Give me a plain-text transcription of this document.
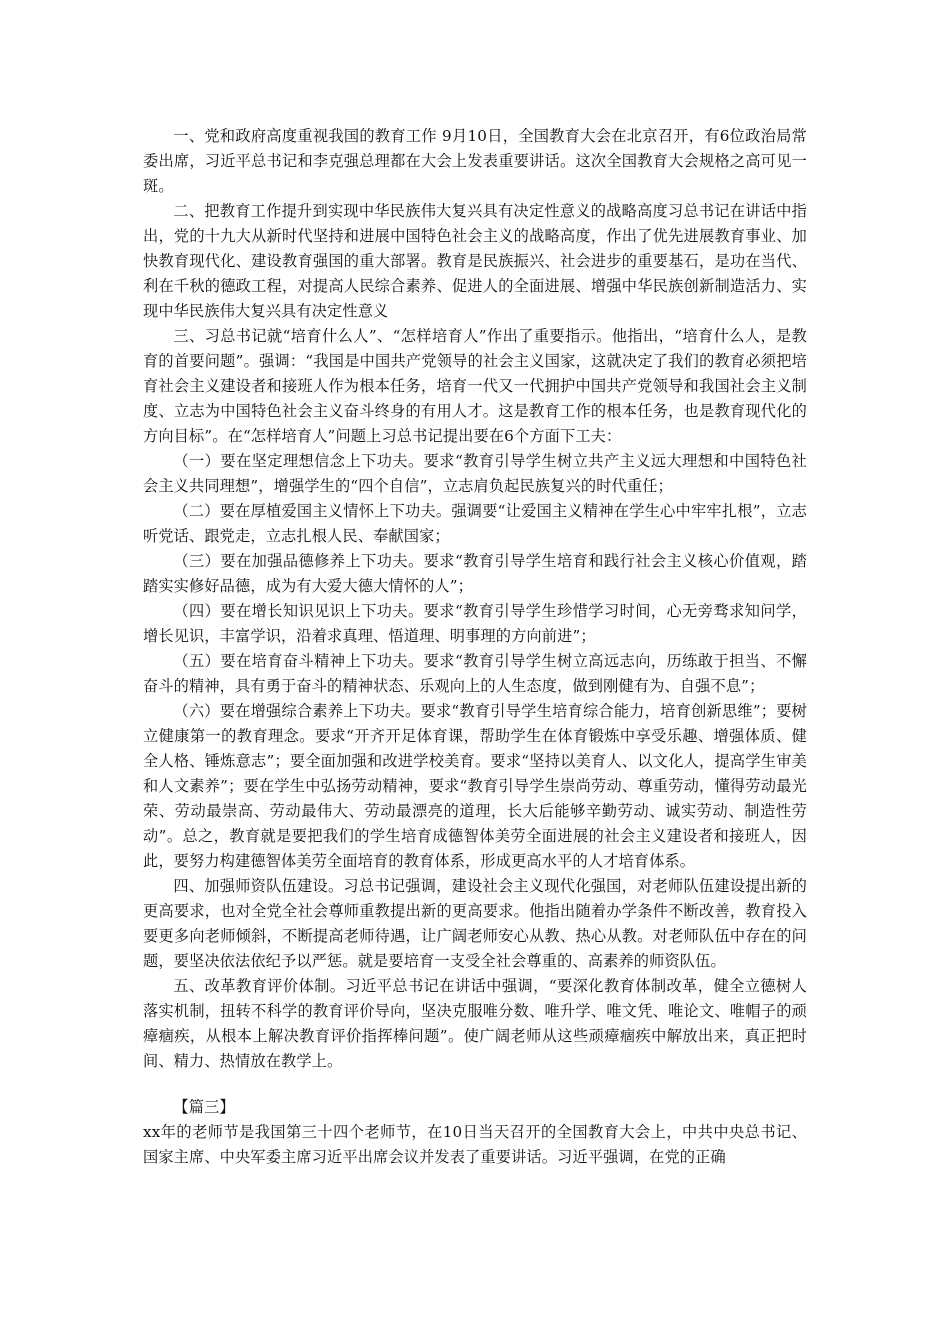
一、党和政府高度重视我国的教育工作 9月10日，全国教育大会在北京召开，有6位政治局常委出席，习近平总书记和李克强总理都在大会上发表重要讲话。这次全国教育大会规格之高可见一斑。

二、把教育工作提升到实现中华民族伟大复兴具有决定性意义的战略高度习总书记在讲话中指出，党的十九大从新时代坚持和进展中国特色社会主义的战略高度，作出了优先进展教育事业、加快教育现代化、建设教育强国的重大部署。教育是民族振兴、社会进步的重要基石，是功在当代、利在千秋的德政工程，对提高人民综合素养、促进人的全面进展、增强中华民族创新制造活力、实现中华民族伟大复兴具有决定性意义

三、习总书记就“培育什么人”、“怎样培育人”作出了重要指示。他指出，“培育什么人，是教育的首要问题”。强调：“我国是中国共产党领导的社会主义国家，这就决定了我们的教育必须把培育社会主义建设者和接班人作为根本任务，培育一代又一代拥护中国共产党领导和我国社会主义制度、立志为中国特色社会主义奋斗终身的有用人才。这是教育工作的根本任务，也是教育现代化的方向目标”。在“怎样培育人”问题上习总书记提出要在6个方面下工夫：

（一）要在坚定理想信念上下功夫。要求“教育引导学生树立共产主义远大理想和中国特色社会主义共同理想”，增强学生的“四个自信”，立志肩负起民族复兴的时代重任；

（二）要在厚植爱国主义情怀上下功夫。强调要“让爱国主义精神在学生心中牢牢扎根”，立志听党话、跟党走，立志扎根人民、奉献国家；

（三）要在加强品德修养上下功夫。要求“教育引导学生培育和践行社会主义核心价值观，踏踏实实修好品德，成为有大爱大德大情怀的人”；

（四）要在增长知识见识上下功夫。要求“教育引导学生珍惜学习时间，心无旁骛求知问学，增长见识，丰富学识，沿着求真理、悟道理、明事理的方向前进”；

（五）要在培育奋斗精神上下功夫。要求“教育引导学生树立高远志向，历练敢于担当、不懈奋斗的精神，具有勇于奋斗的精神状态、乐观向上的人生态度，做到刚健有为、自强不息”；

（六）要在增强综合素养上下功夫。要求“教育引导学生培育综合能力，培育创新思维”；要树立健康第一的教育理念。要求“开齐开足体育课，帮助学生在体育锻炼中享受乐趣、增强体质、健全人格、锤炼意志”；要全面加强和改进学校美育。要求“坚持以美育人、以文化人，提高学生审美和人文素养”；要在学生中弘扬劳动精神，要求“教育引导学生崇尚劳动、尊重劳动，懂得劳动最光荣、劳动最崇高、劳动最伟大、劳动最漂亮的道理，长大后能够辛勤劳动、诚实劳动、制造性劳动”。总之，教育就是要把我们的学生培育成德智体美劳全面进展的社会主义建设者和接班人，因此，要努力构建德智体美劳全面培育的教育体系，形成更高水平的人才培育体系。

四、加强师资队伍建设。习总书记强调，建设社会主义现代化强国，对老师队伍建设提出新的更高要求，也对全党全社会尊师重教提出新的更高要求。他指出随着办学条件不断改善，教育投入要更多向老师倾斜，不断提高老师待遇，让广阔老师安心从教、热心从教。对老师队伍中存在的问题，要坚决依法依纪予以严惩。就是要培育一支受全社会尊重的、高素养的师资队伍。

五、改革教育评价体制。习近平总书记在讲话中强调，“要深化教育体制改革，健全立德树人落实机制，扭转不科学的教育评价导向，坚决克服唯分数、唯升学、唯文凭、唯论文、唯帽子的顽瘴痼疾，从根本上解决教育评价指挥棒问题”。使广阔老师从这些顽瘴痼疾中解放出来，真正把时间、精力、热情放在教学上。

【篇三】

xx年的老师节是我国第三十四个老师节，在10日当天召开的全国教育大会上，中共中央总书记、国家主席、中央军委主席习近平出席会议并发表了重要讲话。习近平强调，在党的正确
